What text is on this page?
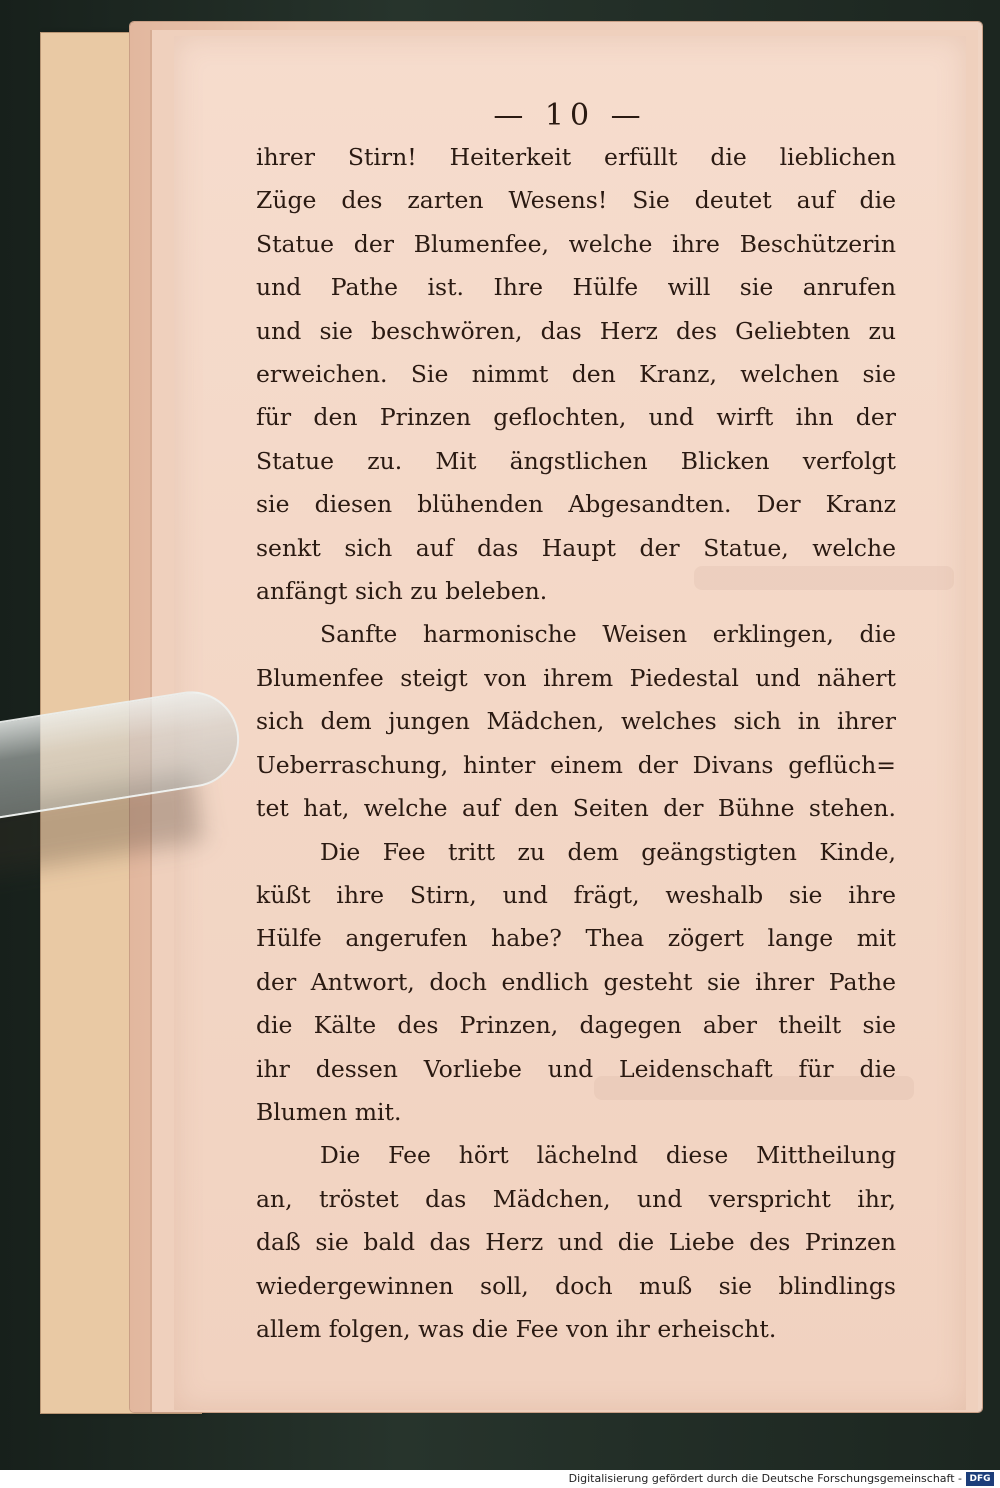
— 10 —
ihrer Stirn! Heiterkeit erfüllt die lieblichen
Züge des zarten Wesens! Sie deutet auf die
Statue der Blumenfee, welche ihre Beschützerin
und Pathe ist. Ihre Hülfe will sie anrufen
und sie beschwören, das Herz des Geliebten zu
erweichen. Sie nimmt den Kranz, welchen sie
für den Prinzen geflochten, und wirft ihn der
Statue zu. Mit ängstlichen Blicken verfolgt
sie diesen blühenden Abgesandten. Der Kranz
senkt sich auf das Haupt der Statue, welche
anfängt sich zu beleben.
Sanfte harmonische Weisen erklingen, die
Blumenfee steigt von ihrem Piedestal und nähert
sich dem jungen Mädchen, welches sich in ihrer
Ueberraschung, hinter einem der Divans geflüch=
tet hat, welche auf den Seiten der Bühne stehen.
Die Fee tritt zu dem geängstigten Kinde,
küßt ihre Stirn, und frägt, weshalb sie ihre
Hülfe angerufen habe? Thea zögert lange mit
der Antwort, doch endlich gesteht sie ihrer Pathe
die Kälte des Prinzen, dagegen aber theilt sie
ihr dessen Vorliebe und Leidenschaft für die
Blumen mit.
Die Fee hört lächelnd diese Mittheilung
an, tröstet das Mädchen, und verspricht ihr,
daß sie bald das Herz und die Liebe des Prinzen
wiedergewinnen soll, doch muß sie blindlings
allem folgen, was die Fee von ihr erheischt.
Digitalisierung gefördert durch die Deutsche Forschungsgemeinschaft - DFG
